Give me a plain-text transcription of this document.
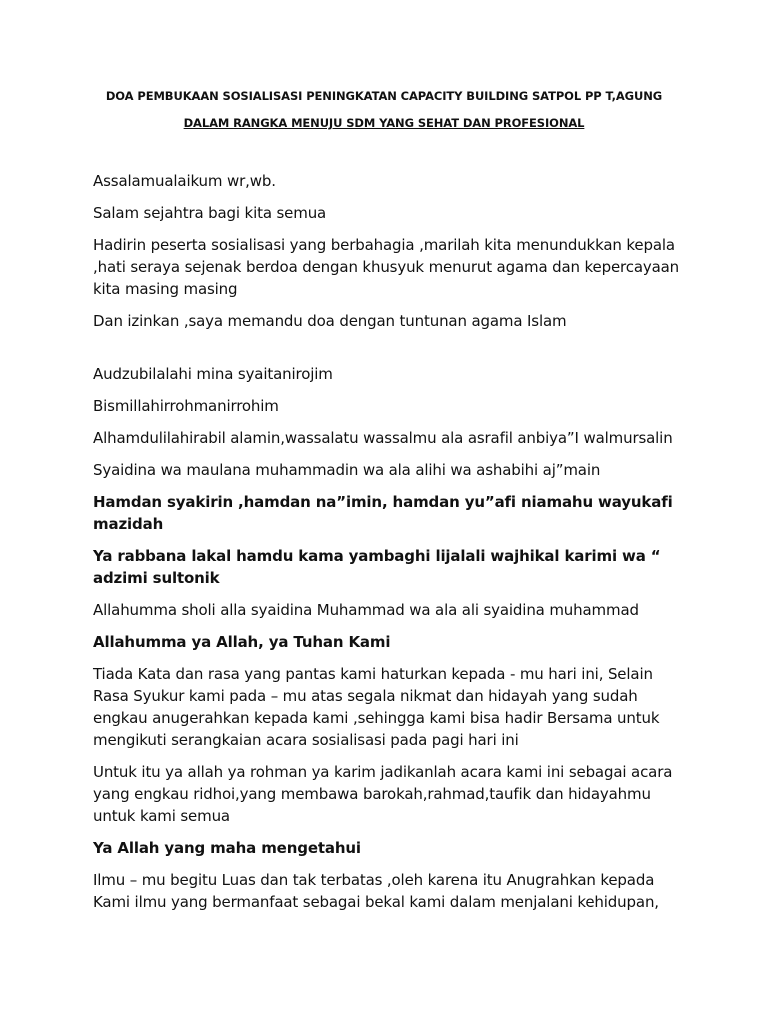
DOA PEMBUKAAN SOSIALISASI PENINGKATAN CAPACITY BUILDING SATPOL PP T,AGUNG

DALAM RANGKA MENUJU SDM YANG SEHAT DAN PROFESIONAL

Assalamualaikum wr,wb.

Salam sejahtra bagi kita semua

Hadirin peserta sosialisasi yang berbahagia ,marilah kita menundukkan kepala ,hati seraya sejenak berdoa dengan khusyuk menurut agama dan kepercayaan kita masing masing

Dan izinkan ,saya memandu doa dengan tuntunan agama Islam

Audzubilalahi mina syaitanirojim

Bismillahirrohmanirrohim

Alhamdulilahirabil alamin,wassalatu wassalmu ala asrafil anbiya”I walmursalin

Syaidina wa maulana muhammadin wa ala alihi wa ashabihi aj”main

Hamdan syakirin ,hamdan na”imin, hamdan yu”afi niamahu wayukafi mazidah

Ya rabbana lakal hamdu kama yambaghi lijalali wajhikal karimi wa “ adzimi sultonik

Allahumma sholi alla syaidina Muhammad wa ala ali syaidina muhammad

Allahumma ya Allah, ya Tuhan Kami

Tiada Kata dan rasa yang pantas kami haturkan kepada - mu hari ini, Selain Rasa Syukur kami pada – mu atas segala nikmat dan hidayah yang sudah engkau anugerahkan kepada kami ,sehingga kami bisa hadir Bersama untuk mengikuti serangkaian acara sosialisasi pada pagi hari ini

Untuk itu ya allah ya rohman ya karim jadikanlah acara kami ini sebagai acara yang engkau ridhoi,yang membawa barokah,rahmad,taufik dan hidayahmu untuk kami semua

Ya Allah yang maha mengetahui

Ilmu – mu begitu Luas dan tak terbatas ,oleh karena itu Anugrahkan kepada Kami ilmu yang bermanfaat sebagai bekal kami dalam menjalani kehidupan,
